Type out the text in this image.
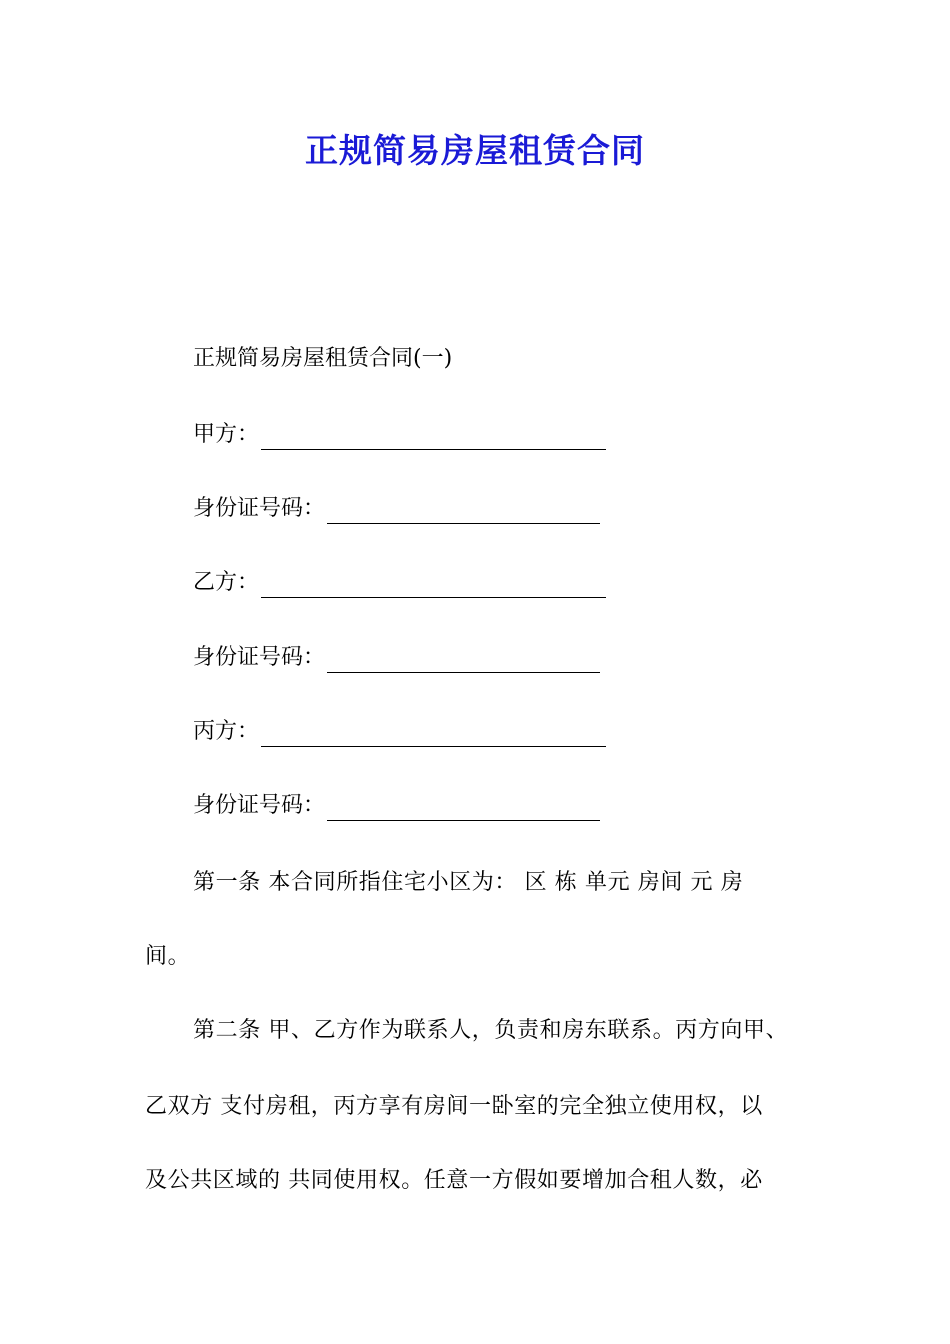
正规简易房屋租赁合同
正规简易房屋租赁合同(一)
甲方：
身份证号码：
乙方：
身份证号码：
丙方：
身份证号码：
第一条 本合同所指住宅小区为： 区 栋 单元 房间 元 房
间。
第二条 甲、乙方作为联系人，负责和房东联系。丙方向甲、
乙双方 支付房租，丙方享有房间一卧室的完全独立使用权，以
及公共区域的 共同使用权。任意一方假如要增加合租人数，必
